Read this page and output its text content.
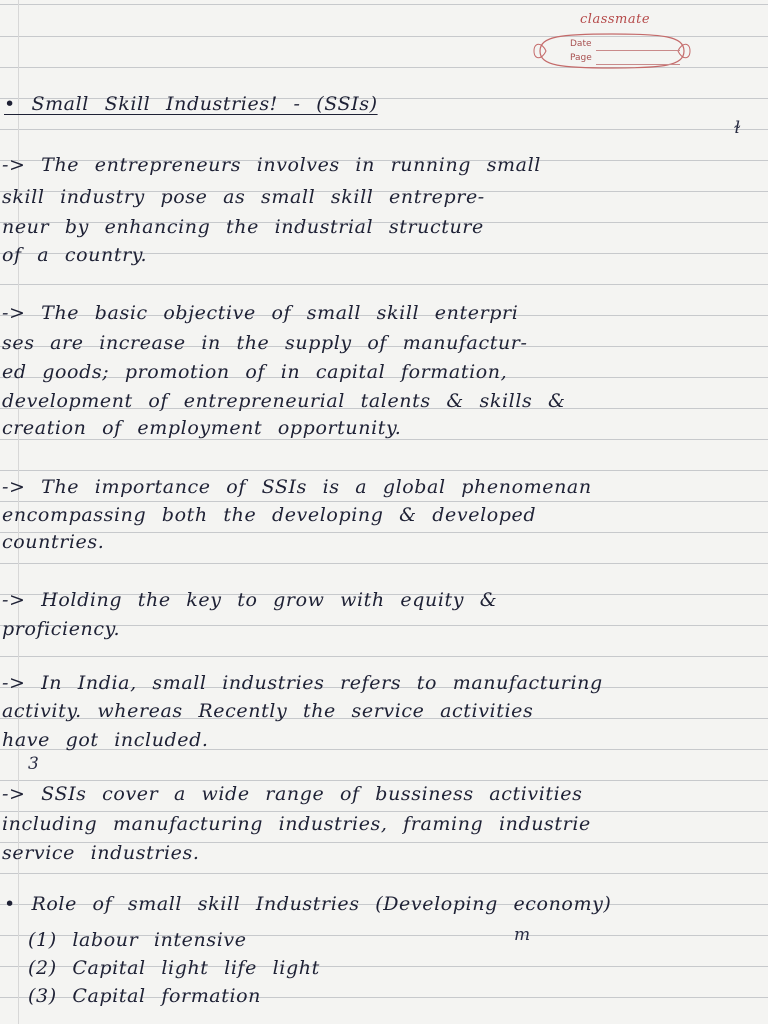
classmate
Date
Page
• Small Skill Industries! - (SSIs)
ɫ
-> The entrepreneurs involves in running small
skill industry pose as small skill entrepre-
neur by enhancing the industrial structure
of a country.
-> The basic objective of small skill enterpri
ses are increase in the supply of manufactur-
ed goods; promotion of in capital formation,
development of entrepreneurial talents & skills &
creation of employment opportunity.
-> The importance of SSIs is a global phenomenan
encompassing both the developing & developed
countries.
-> Holding the key to grow with equity &
proficiency.
-> In India, small industries refers to manufacturing
activity. whereas Recently the service activities
have got included.
3
-> SSIs cover a wide range of bussiness activities
including manufacturing industries, framing industrie
service industries.
• Role of small skill Industries (Developing economy)
m
(1) labour intensive
(2) Capital light life light
(3) Capital formation
